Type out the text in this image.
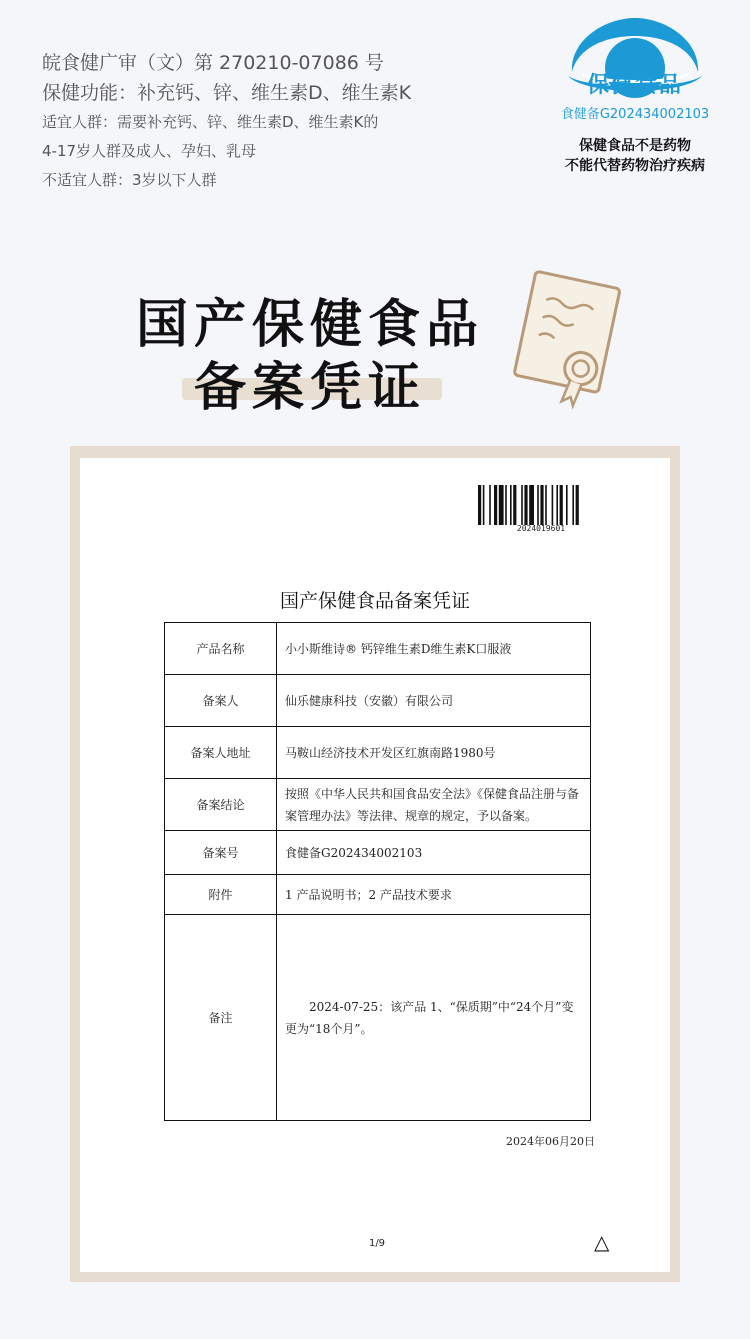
皖食健广审（文）第 270210-07086 号
保健功能：补充钙、锌、维生素D、维生素K
适宜人群：需要补充钙、锌、维生素D、维生素K的
4-17岁人群及成人、孕妇、乳母
不适宜人群：3岁以下人群
保健食品
食健备G202434002103
保健食品不是药物
不能代替药物治疗疾病
国产保健食品
备案凭证
2024019601
国产保健食品备案凭证
产品名称	小小斯维诗® 钙锌维生素D维生素K口服液
备案人	仙乐健康科技（安徽）有限公司
备案人地址	马鞍山经济技术开发区红旗南路1980号
备案结论	按照《中华人民共和国食品安全法》《保健食品注册与备案管理办法》等法律、规章的规定，予以备案。
备案号	食健备G202434002103
附件	1 产品说明书；2 产品技术要求
备注	2024-07-25：该产品 1、“保质期”中“24个月”变更为“18个月”。
2024年06月20日
1/9	△
